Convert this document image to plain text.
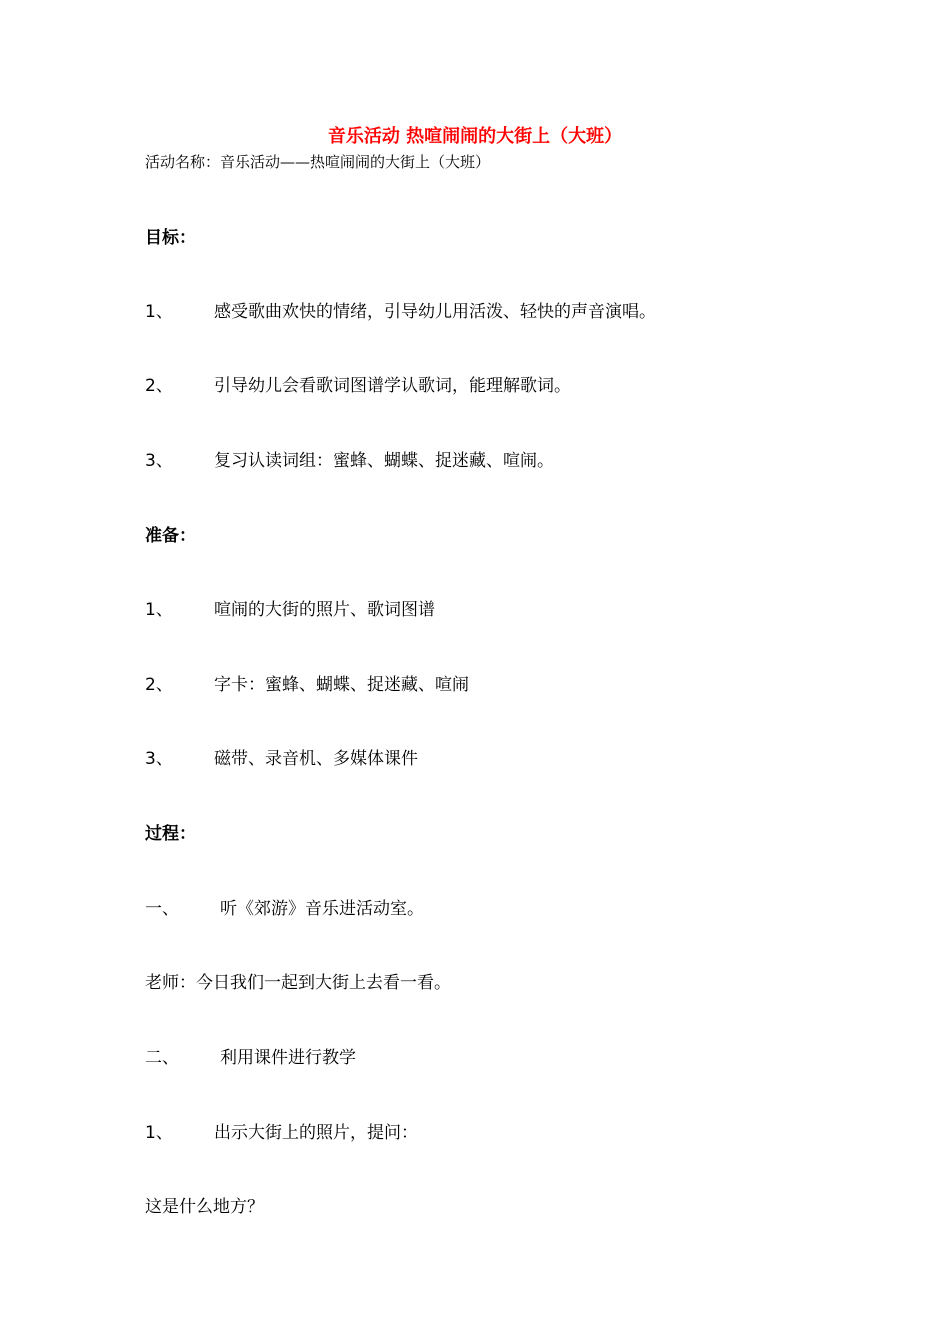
音乐活动 热喧闹闹的大街上（大班）
活动名称：音乐活动——热喧闹闹的大街上（大班）
目标：
1、 感受歌曲欢快的情绪，引导幼儿用活泼、轻快的声音演唱。
2、 引导幼儿会看歌词图谱学认歌词，能理解歌词。
3、 复习认读词组：蜜蜂、蝴蝶、捉迷藏、喧闹。
准备：
1、 喧闹的大街的照片、歌词图谱
2、 字卡：蜜蜂、蝴蝶、捉迷藏、喧闹
3、 磁带、录音机、多媒体课件
过程：
一、 听《郊游》音乐进活动室。
老师：今日我们一起到大街上去看一看。
二、 利用课件进行教学
1、 出示大街上的照片，提问：
这是什么地方？
